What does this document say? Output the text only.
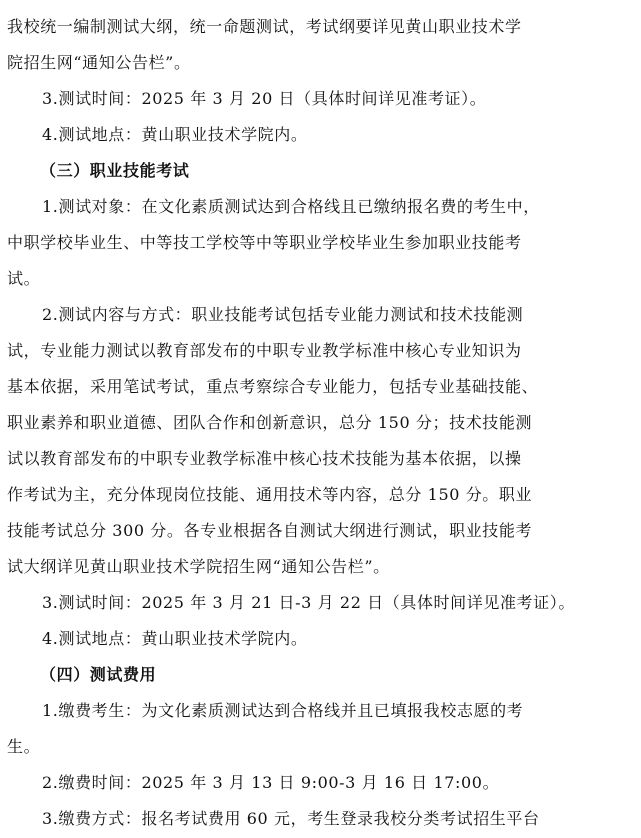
我校统一编制测试大纲，统一命题测试，考试纲要详见黄山职业技术学
院招生网“通知公告栏”。
3.测试时间：2025 年 3 月 20 日（具体时间详见准考证）。
4.测试地点：黄山职业技术学院内。
（三）职业技能考试
1.测试对象：在文化素质测试达到合格线且已缴纳报名费的考生中，
中职学校毕业生、中等技工学校等中等职业学校毕业生参加职业技能考
试。
2.测试内容与方式：职业技能考试包括专业能力测试和技术技能测
试，专业能力测试以教育部发布的中职专业教学标准中核心专业知识为
基本依据，采用笔试考试，重点考察综合专业能力，包括专业基础技能、
职业素养和职业道德、团队合作和创新意识，总分 150 分；技术技能测
试以教育部发布的中职专业教学标准中核心技术技能为基本依据，以操
作考试为主，充分体现岗位技能、通用技术等内容，总分 150 分。职业
技能考试总分 300 分。各专业根据各自测试大纲进行测试，职业技能考
试大纲详见黄山职业技术学院招生网“通知公告栏”。
3.测试时间：2025 年 3 月 21 日-3 月 22 日（具体时间详见准考证）。
4.测试地点：黄山职业技术学院内。
（四）测试费用
1.缴费考生：为文化素质测试达到合格线并且已填报我校志愿的考
生。
2.缴费时间：2025 年 3 月 13 日 9:00-3 月 16 日 17:00。
3.缴费方式：报名考试费用 60 元，考生登录我校分类考试招生平台
